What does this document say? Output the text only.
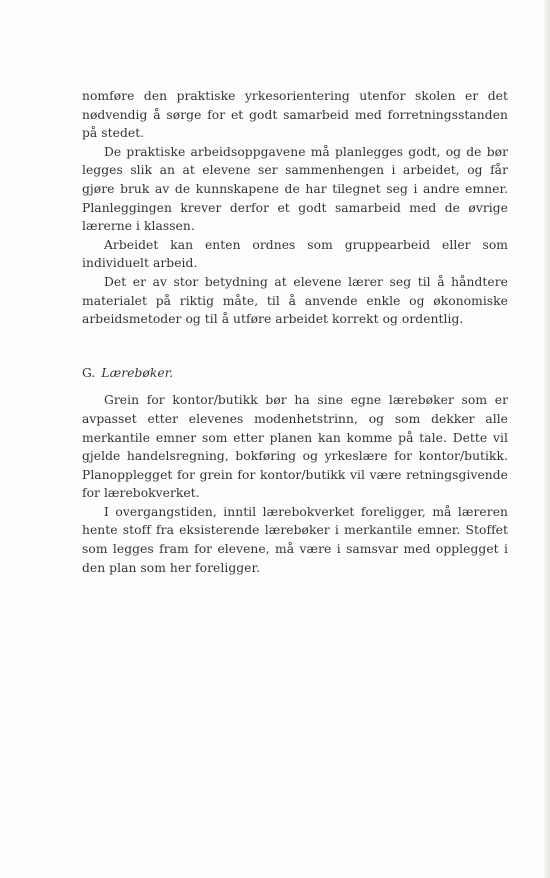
nomføre den praktiske yrkesorientering utenfor skolen er det nødvendig å sørge for et godt samarbeid med forretningsstanden på stedet.

De praktiske arbeidsoppgavene må planlegges godt, og de bør legges slik an at elevene ser sammenhengen i arbeidet, og får gjøre bruk av de kunnskapene de har tilegnet seg i andre emner. Planleggingen krever derfor et godt samarbeid med de øvrige lærerne i klassen.

Arbeidet kan enten ordnes som gruppearbeid eller som individuelt arbeid.

Det er av stor betydning at elevene lærer seg til å håndtere materialet på riktig måte, til å anvende enkle og økonomiske arbeidsmetoder og til å utføre arbeidet korrekt og ordentlig.

G. Lærebøker.

Grein for kontor/butikk bør ha sine egne lærebøker som er avpasset etter elevenes modenhetstrinn, og som dekker alle merkantile emner som etter planen kan komme på tale. Dette vil gjelde handelsregning, bokføring og yrkeslære for kontor/butikk. Planopplegget for grein for kontor/butikk vil være retningsgivende for lærebokverket.

I overgangstiden, inntil lærebokverket foreligger, må læreren hente stoff fra eksisterende lærebøker i merkantile emner. Stoffet som legges fram for elevene, må være i samsvar med opplegget i den plan som her foreligger.
